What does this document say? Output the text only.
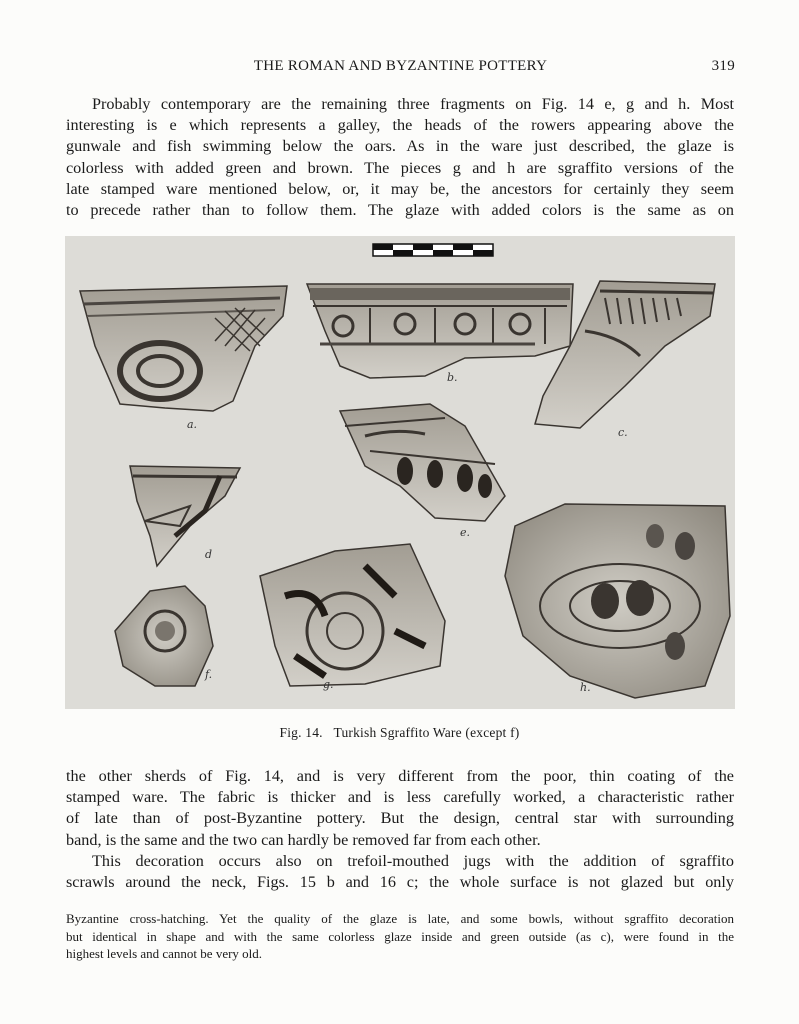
THE ROMAN AND BYZANTINE POTTERY	319
Probably contemporary are the remaining three fragments on Fig. 14 e, g and h. Most
interesting is e which represents a galley, the heads of the rowers appearing above the
gunwale and fish swimming below the oars. As in the ware just described, the glaze is
colorless with added green and brown. The pieces g and h are sgraffito versions of the
late stamped ware mentioned below, or, it may be, the ancestors for certainly they seem
to precede rather than to follow them. The glaze with added colors is the same as on
a.
b.
c.
e.
d
f.
g.	h.
Fig. 14. Turkish Sgraffito Ware (except f)
the other sherds of Fig. 14, and is very different from the poor, thin coating of the
stamped ware. The fabric is thicker and is less carefully worked, a characteristic rather
of late than of post-Byzantine pottery. But the design, central star with surrounding
band, is the same and the two can hardly be removed far from each other.
This decoration occurs also on trefoil-mouthed jugs with the addition of sgraffito
scrawls around the neck, Figs. 15 b and 16 c; the whole surface is not glazed but only
Byzantine cross-hatching. Yet the quality of the glaze is late, and some bowls, without sgraffito decoration
but identical in shape and with the same colorless glaze inside and green outside (as c), were found in the
highest levels and cannot be very old.
